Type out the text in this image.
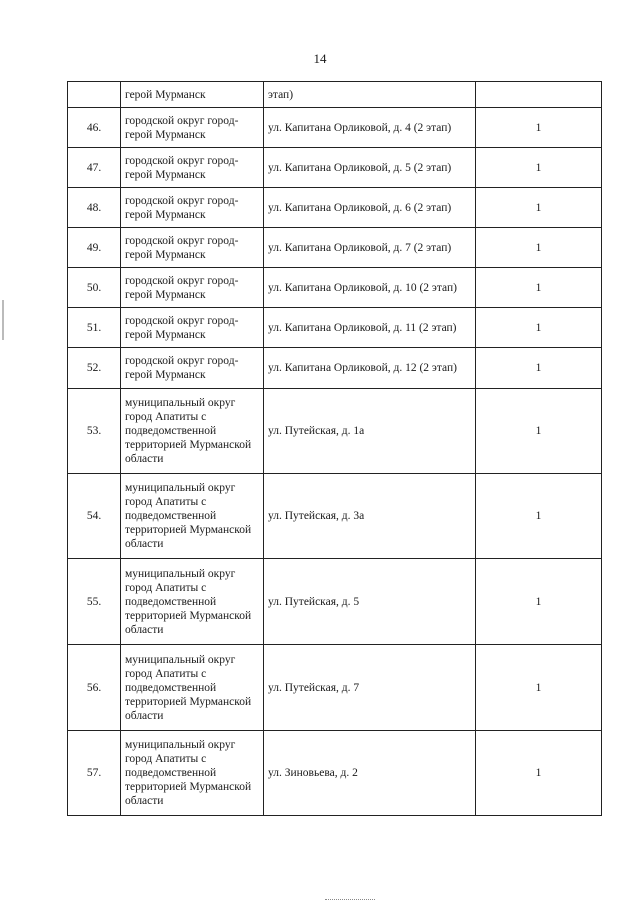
14
	герой Мурманск	этап)	
46.	городской округ город-герой Мурманск	ул. Капитана Орликовой, д. 4 (2 этап)	1
47.	городской округ город-герой Мурманск	ул. Капитана Орликовой, д. 5 (2 этап)	1
48.	городской округ город-герой Мурманск	ул. Капитана Орликовой, д. 6 (2 этап)	1
49.	городской округ город-герой Мурманск	ул. Капитана Орликовой, д. 7 (2 этап)	1
50.	городской округ город-герой Мурманск	ул. Капитана Орликовой, д. 10 (2 этап)	1
51.	городской округ город-герой Мурманск	ул. Капитана Орликовой, д. 11 (2 этап)	1
52.	городской округ город-герой Мурманск	ул. Капитана Орликовой, д. 12 (2 этап)	1
53.	муниципальный округ город Апатиты с подведомственной территорией Мурманской области	ул. Путейская, д. 1а	1
54.	муниципальный округ город Апатиты с подведомственной территорией Мурманской области	ул. Путейская, д. 3а	1
55.	муниципальный округ город Апатиты с подведомственной территорией Мурманской области	ул. Путейская, д. 5	1
56.	муниципальный округ город Апатиты с подведомственной территорией Мурманской области	ул. Путейская, д. 7	1
57.	муниципальный округ город Апатиты с подведомственной территорией Мурманской области	ул. Зиновьева, д. 2	1
